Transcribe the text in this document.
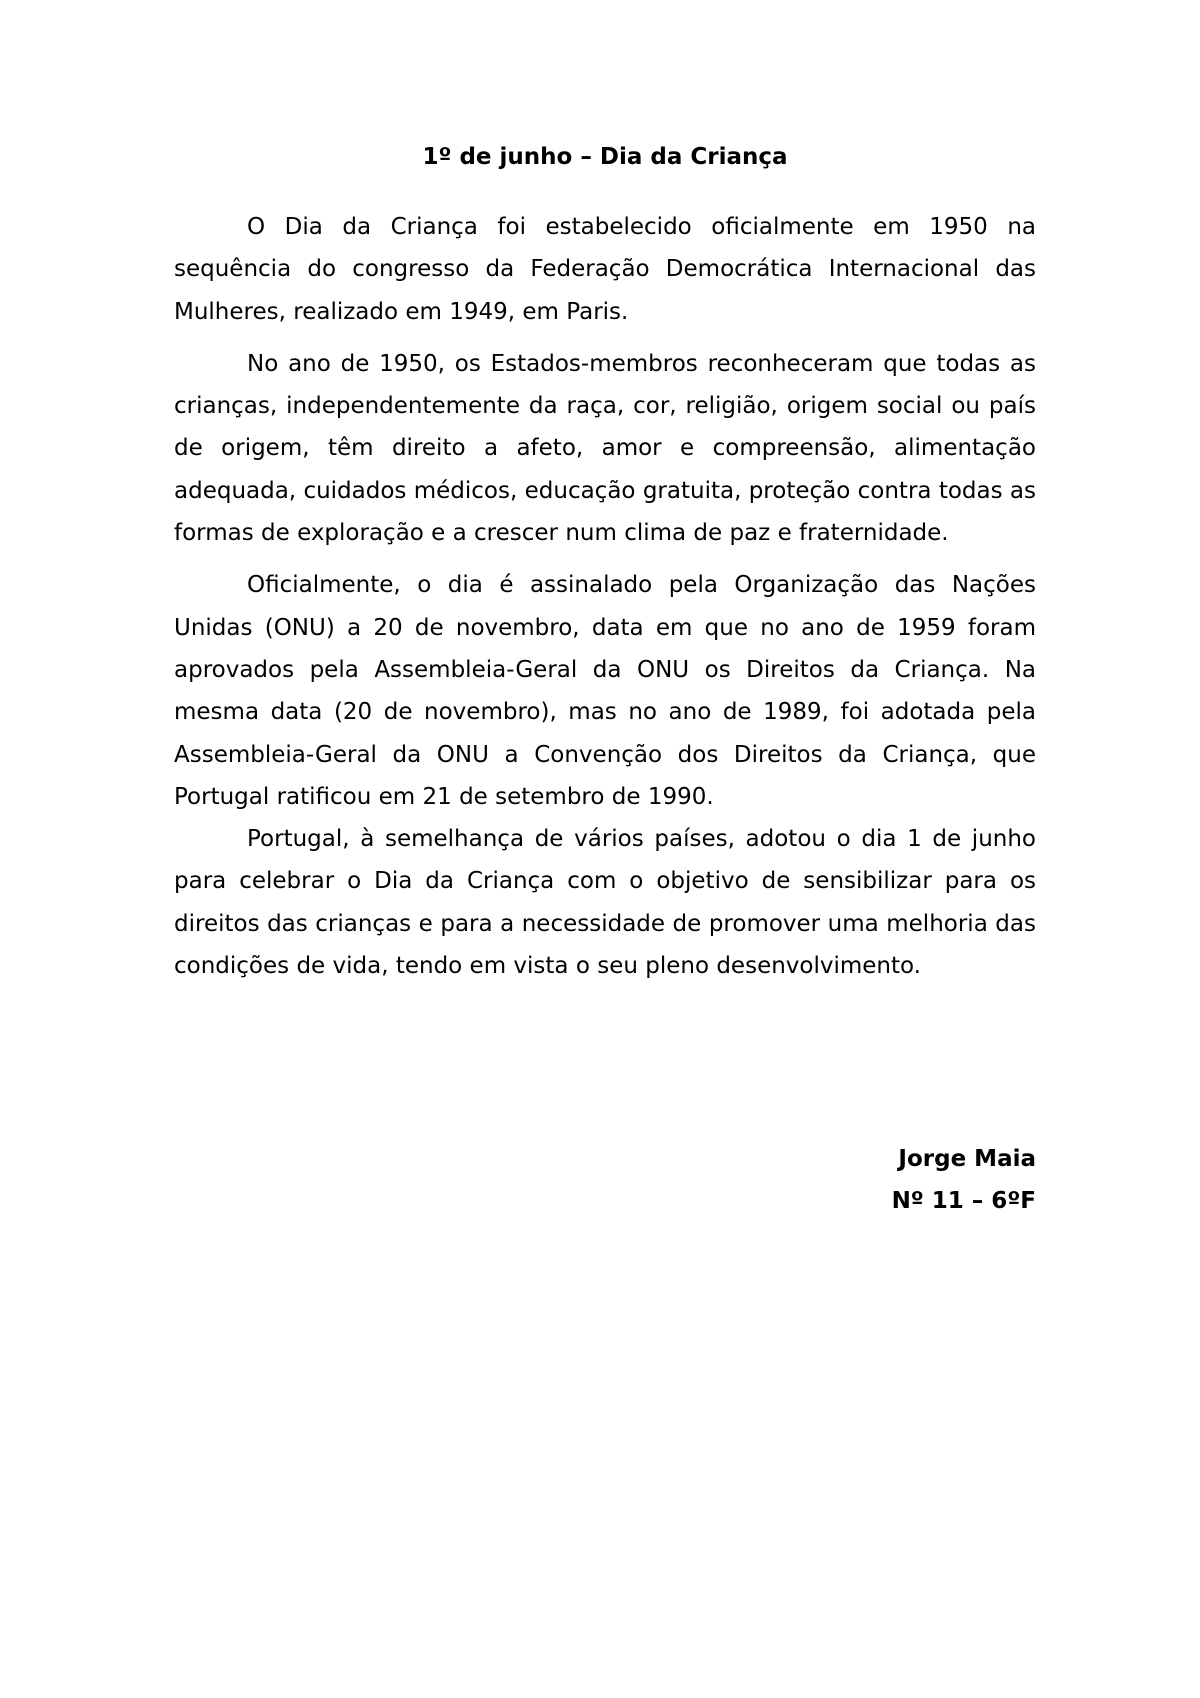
1º de junho – Dia da Criança

O Dia da Criança foi estabelecido oficialmente em 1950 na sequência do congresso da Federação Democrática Internacional das Mulheres, realizado em 1949, em Paris.

No ano de 1950, os Estados-membros reconheceram que todas as crianças, independentemente da raça, cor, religião, origem social ou país de origem, têm direito a afeto, amor e compreensão, alimentação adequada, cuidados médicos, educação gratuita, proteção contra todas as formas de exploração e a crescer num clima de paz e fraternidade.

Oficialmente, o dia é assinalado pela Organização das Nações Unidas (ONU) a 20 de novembro, data em que no ano de 1959 foram aprovados pela Assembleia-Geral da ONU os Direitos da Criança. Na mesma data (20 de novembro), mas no ano de 1989, foi adotada pela Assembleia-Geral da ONU a Convenção dos Direitos da Criança, que Portugal ratificou em 21 de setembro de 1990.

Portugal, à semelhança de vários países, adotou o dia 1 de junho para celebrar o Dia da Criança com o objetivo de sensibilizar para os direitos das crianças e para a necessidade de promover uma melhoria das condições de vida, tendo em vista o seu pleno desenvolvimento.

Jorge Maia
Nº 11 – 6ºF
